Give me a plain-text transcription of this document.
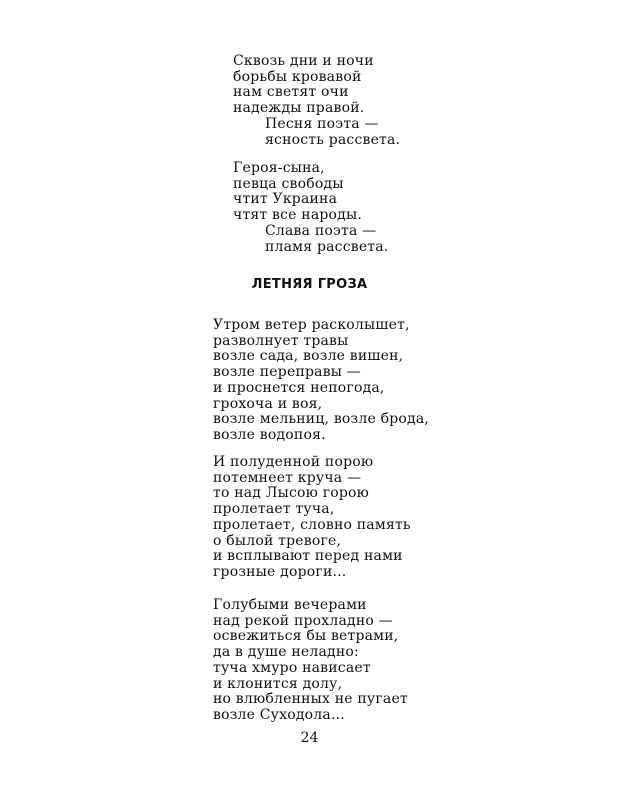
Сквозь дни и ночи
борьбы кровавой
нам светят очи
надежды правой.
Песня поэта —
ясность рассвета.
Героя-сына,
певца свободы
чтит Украина
чтят все народы.
Слава поэта —
пламя рассвета.
ЛЕТНЯЯ ГРОЗА
Утром ветер расколышет,
разволнует травы
возле сада, возле вишен,
возле переправы —
и проснется непогода,
грохоча и воя,
возле мельниц, возле брода,
возле водопоя.
И полуденной порою
потемнеет круча —
то над Лысою горою
пролетает туча,
пролетает, словно память
о былой тревоге,
и всплывают перед нами
грозные дороги...
Голубыми вечерами
над рекой прохладно —
освежиться бы ветрами,
да в душе неладно:
туча хмуро нависает
и клонится долу,
но влюбленных не пугает
возле Суходола...

24
